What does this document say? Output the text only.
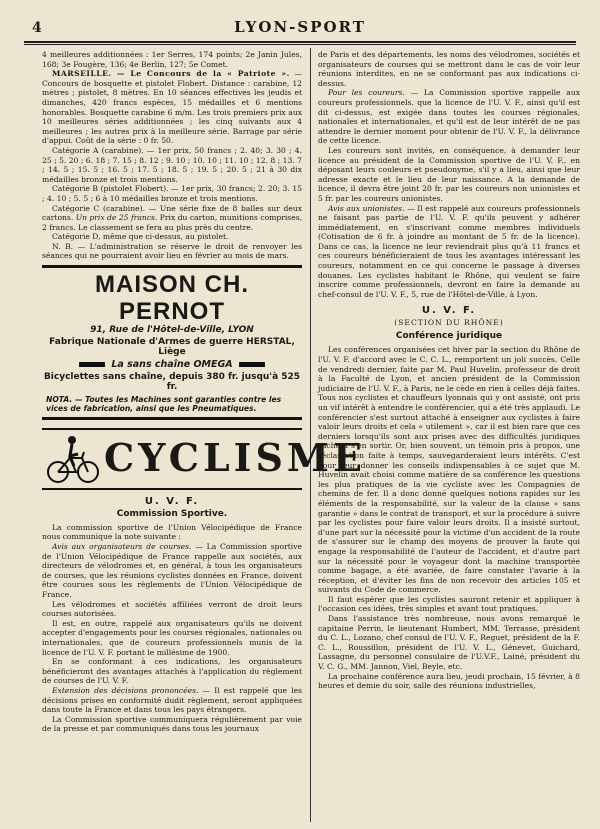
4	LYON-SPORT

4 meilleures additionnées : 1er Serres, 174 points; 2e Janin Jules, 168; 3e Fougère, 136; 4e Berlin, 127; 5e Comet.

MARSEILLE. — Le Concours de la « Patriote ». — Concours de bosquette et pistolet Flobert. Distance : carabine, 12 mètres ; pistolet, 8 mètres. En 10 séances effectives les jeudis et dimanches, 420 francs espèces, 15 médailles et 6 mentions honorables. Bosquette carabine 6 m/m. Les trois premiers prix aux 10 meilleures séries additionnées ; les cinq suivants aux 4 meilleures ; les autres prix à la meilleure série. Barrage par série d'appui. Coût de la série : 0 fr. 50.

Catégorie A (carabine). — 1er prix, 50 francs ; 2. 40; 3. 30 ; 4. 25 ; 5. 20 ; 6. 18 ; 7. 15 ; 8. 12 ; 9. 10 ; 10. 10 ; 11. 10 ; 12. 8 ; 13. 7 ; 14. 5 ; 15. 5 ; 16. 5 ; 17. 5 ; 18. 5 ; 19. 5 ; 20. 5 ; 21 à 30 dix médailles bronze et trois mentions.

Catégorie B (pistolet Flobert). — 1er prix, 30 francs; 2. 20; 3. 15 ; 4. 10 ; 5. 5 ; 6 à 10 médailles bronze et trois mentions.

Catégorie C (carabine). — Une série fixe de 8 balles sur deux cartons. Un prix de 25 francs. Prix du carton, munitions comprises, 2 francs. Le classement se fera au plus près du centre.

Catégorie D, même que ci-dessus, au pistolet.

N. B. — L'administration se réserve le droit de renvoyer les séances qui ne pourraient avoir lieu en février au mois de mars.

MAISON CH. PERNOT
91, Rue de l'Hôtel-de-Ville, LYON
Fabrique Nationale d'Armes de guerre HERSTAL, Liège
La sans chaîne OMEGA
Bicyclettes sans chaîne, depuis 380 fr. jusqu'à 525 fr.
NOTA. — Toutes les Machines sont garanties contre les vices de fabrication, ainsi que les Pneumatiques.
CYCLISME
U. V. F.
Commission Sportive.

La commission sportive de l'Union Vélocipédique de France nous communique la note suivante :

Avis aux organisateurs de courses. — La Commission sportive de l'Union Vélocipédique de France rappelle aux sociétés, aux directeurs de vélodromes et, en général, à tous les organisateurs de courses, que les réunions cyclistes données en France, doivent être courues sous les règlements de l'Union Vélocipédique de France.

Les vélodromes et sociétés affiliées verront de droit leurs courses autorisées.

Il est, en outre, rappelé aux organisateurs qu'ils ne doivent accepter d'engagements pour les courses régionales, nationales ou internationales, que de coureurs professionnels munis de la licence de l'U. V. F. portant le millésime de 1900.

En se conformant à ces indications, les organisateurs bénéficieront des avantages attachés à l'application du règlement de courses de l'U. V. F.

Extension des décisions prononcées. — Il est rappelé que les décisions prises en conformité dudit règlement, seront appliquées dans toute la France et dans tous les pays étrangers.

La Commission sportive communiquera régulièrement par voie de la presse et par communiqués dans tous les journaux

de Paris et des départements, les noms des vélodromes, sociétés et organisateurs de courses qui se mettront dans le cas de voir leur réunions interdites, en ne se conformant pas aux indications ci-dessus.

Pour les coureurs. — La Commission sportive rappelle aux coureurs professionnels, que la licence de l'U. V. F., ainsi qu'il est dit ci-dessus, est exigée dans toutes les courses régionales, nationales et internationales, et qu'il est de leur intérêt de ne pas attendre le dernier moment pour obtenir de l'U. V. F., la délivrance de cette licence.

Les coureurs sont invités, en conséquence, à demander leur licence au président de la Commission sportive de l'U. V. F., en déposant leurs couleurs et pseudonyme, s'il y a lieu, ainsi que leur adresse exacte et le lieu de leur naissance. A la demande de licence, il devra être joint 20 fr. par les coureurs non unionistes et 5 fr. par les coureurs unionistes.

Avis aux unionistes. — Il est rappelé aux coureurs professionnels ne faisant pas partie de l'U. V. F. qu'ils peuvent y adhérer immédiatement, en s'inscrivant comme membres individuels (Cotisation de 6 fr. à joindre au montant de 5 fr. de la licence). Dans ce cas, la licence ne leur reviendrait plus qu'à 11 francs et ces coureurs bénéficieraient de tous les avantages intéressant les coureurs, notamment en ce qui concerne le passage à diverses douanes. Les cyclistes habitant le Rhône, qui veulent se faire inscrire comme professionnels, devront en faire la demande au chef-consul de l'U. V. F., 5, rue de l'Hôtel-de-Ville, à Lyon.

U. V. F.
(SECTION DU RHÔNE)
Conférence juridique

Les conférences organisées cet hiver par la section du Rhône de l'U. V. F. d'accord avec le C. C. L., remportent un joli succès. Celle de vendredi dernier, faite par M. Paul Huvelin, professeur de droit à la Faculté de Lyon, et ancien président de la Commission judiciaire de l'U. V. F., à Paris, ne le cède en rien à celles déjà faites. Tous nos cyclistes et chauffeurs lyonnais qui y ont assisté, ont pris un vif intérêt à entendre le conférencier, qui a été très applaudi. Le conférencier s'est surtout attaché à enseigner aux cyclistes à faire valoir leurs droits et cela « utilement », car il est bien rare que ces derniers lorsqu'ils sont aux prises avec des difficultés juridiques sachent s'en sortir. Or, bien souvent, un témoin pris à propos, une réclamation faite à temps, sauvegarderaient leurs intérêts. C'est pour leur donner les conseils indispensables à ce sujet que M. Huvelin avait choisi comme matière de sa conférence les questions les plus pratiques de la vie cycliste avec les Compagnies de chemins de fer. Il a donc donné quelques notions rapides sur les éléments de la responsabilité, sur la valeur de la clause « sans garantie » dans le contrat de transport, et sur la procédure à suivre par les cyclistes pour faire valoir leurs droits. Il a insisté surtout, d'une part sur la nécessité pour la victime d'un accident de la route de s'assurer sur le champ des moyens de prouver la faute qui engage la responsabilité de l'auteur de l'accident, et d'autre part sur la nécessité pour le voyageur dont la machine transportée comme bagage, a été avariée, de faire constater l'avarie à la réception, et d'éviter les fins de non recevoir des articles 105 et suivants du Code de commerce.

Il faut espérer que les cyclistes sauront retenir et appliquer à l'occasion ces idées, très simples et avant tout pratiques.

Dans l'assistance très nombreuse, nous avons remarqué le capitaine Perrin, le lieutenant Humbert, MM. Terrasse, président du C. L., Lozano, chef consul de l'U. V. F., Reguet, président de la F. C. L., Roussillon, président de l'U. V. L., Génevet, Guichard, Lassagne, du personnel consulaire de l'U.V.F., Lainé, président du V. C. G., MM. Jannon, Viel, Beyle, etc.

La prochaine conférence aura lieu, jeudi prochain, 15 février, à 8 heures et demie du soir, salle des réunions industrielles,
